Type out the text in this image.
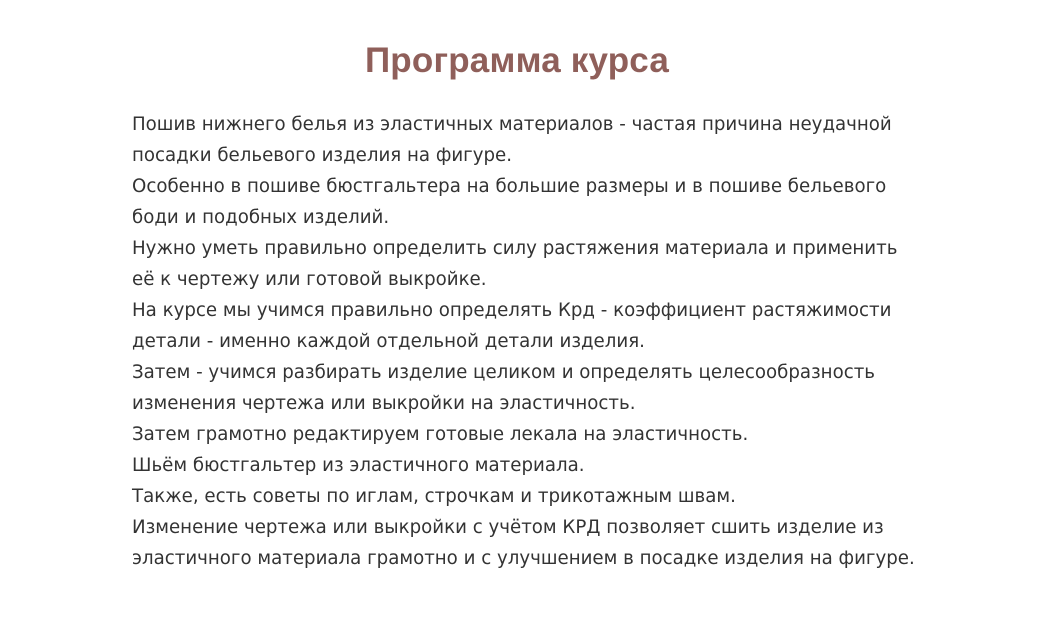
Программа курса

Пошив нижнего белья из эластичных материалов - частая причина неудачной посадки бельевого изделия на фигуре.

Особенно в пошиве бюстгальтера на большие размеры и в пошиве бельевого боди и подобных изделий.

Нужно уметь правильно определить силу растяжения материала и применить её к чертежу или готовой выкройке.

На курсе мы учимся правильно определять Крд - коэффициент растяжимости детали - именно каждой отдельной детали изделия.

Затем - учимся разбирать изделие целиком и определять целесообразность изменения чертежа или выкройки на эластичность.

Затем грамотно редактируем готовые лекала на эластичность.

Шьём бюстгальтер из эластичного материала.

Также, есть советы по иглам, строчкам и трикотажным швам.

Изменение чертежа или выкройки с учётом КРД позволяет сшить изделие из эластичного материала грамотно и с улучшением в посадке изделия на фигуре.
